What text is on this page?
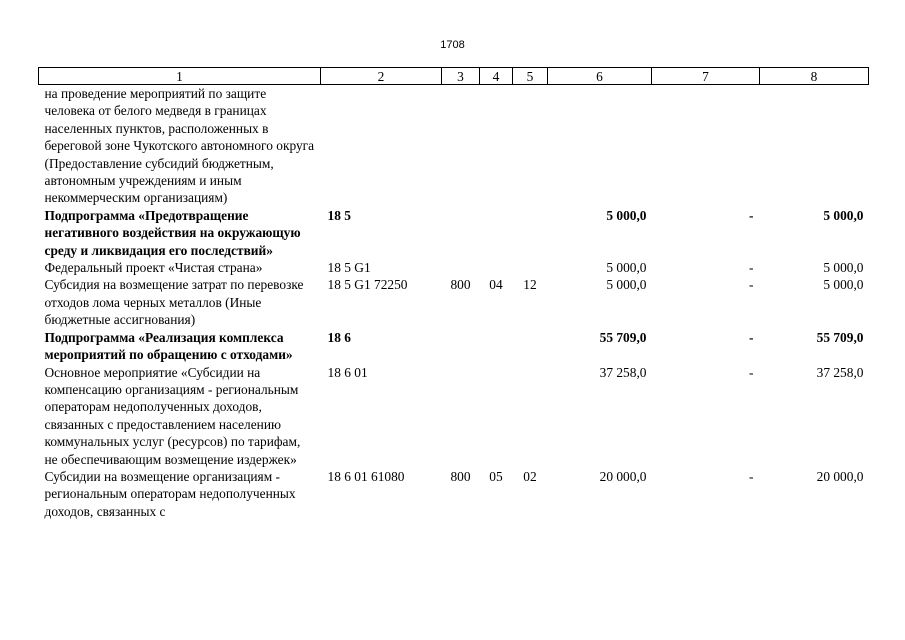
1708
1	2	3	4	5	6	7	8
на проведение мероприятий по защите человека от белого медведя в границах населенных пунктов, расположенных в береговой зоне Чукотского автономного округа (Предоставление субсидий бюджетным, автономным учреждениям и иным некоммерческим организациям)							
Подпрограмма «Предотвращение негативного воздействия на окружающую среду и ликвидация его последствий»	18 5				5 000,0	-	5 000,0
Федеральный проект «Чистая страна»	18 5 G1				5 000,0	-	5 000,0
Субсидия на возмещение затрат по перевозке отходов лома черных металлов (Иные бюджетные ассигнования)	18 5 G1 72250	800	04	12	5 000,0	-	5 000,0
Подпрограмма «Реализация комплекса мероприятий по обращению с отходами»	18 6				55 709,0	-	55 709,0
Основное мероприятие «Субсидии на компенсацию организациям - региональным операторам недополученных доходов, связанных с предоставлением населению коммунальных услуг (ресурсов) по тарифам, не обеспечивающим возмещение издержек»	18 6 01				37 258,0	-	37 258,0
Субсидии на возмещение организациям - региональным операторам недополученных доходов, связанных с	18 6 01 61080	800	05	02	20 000,0	-	20 000,0
